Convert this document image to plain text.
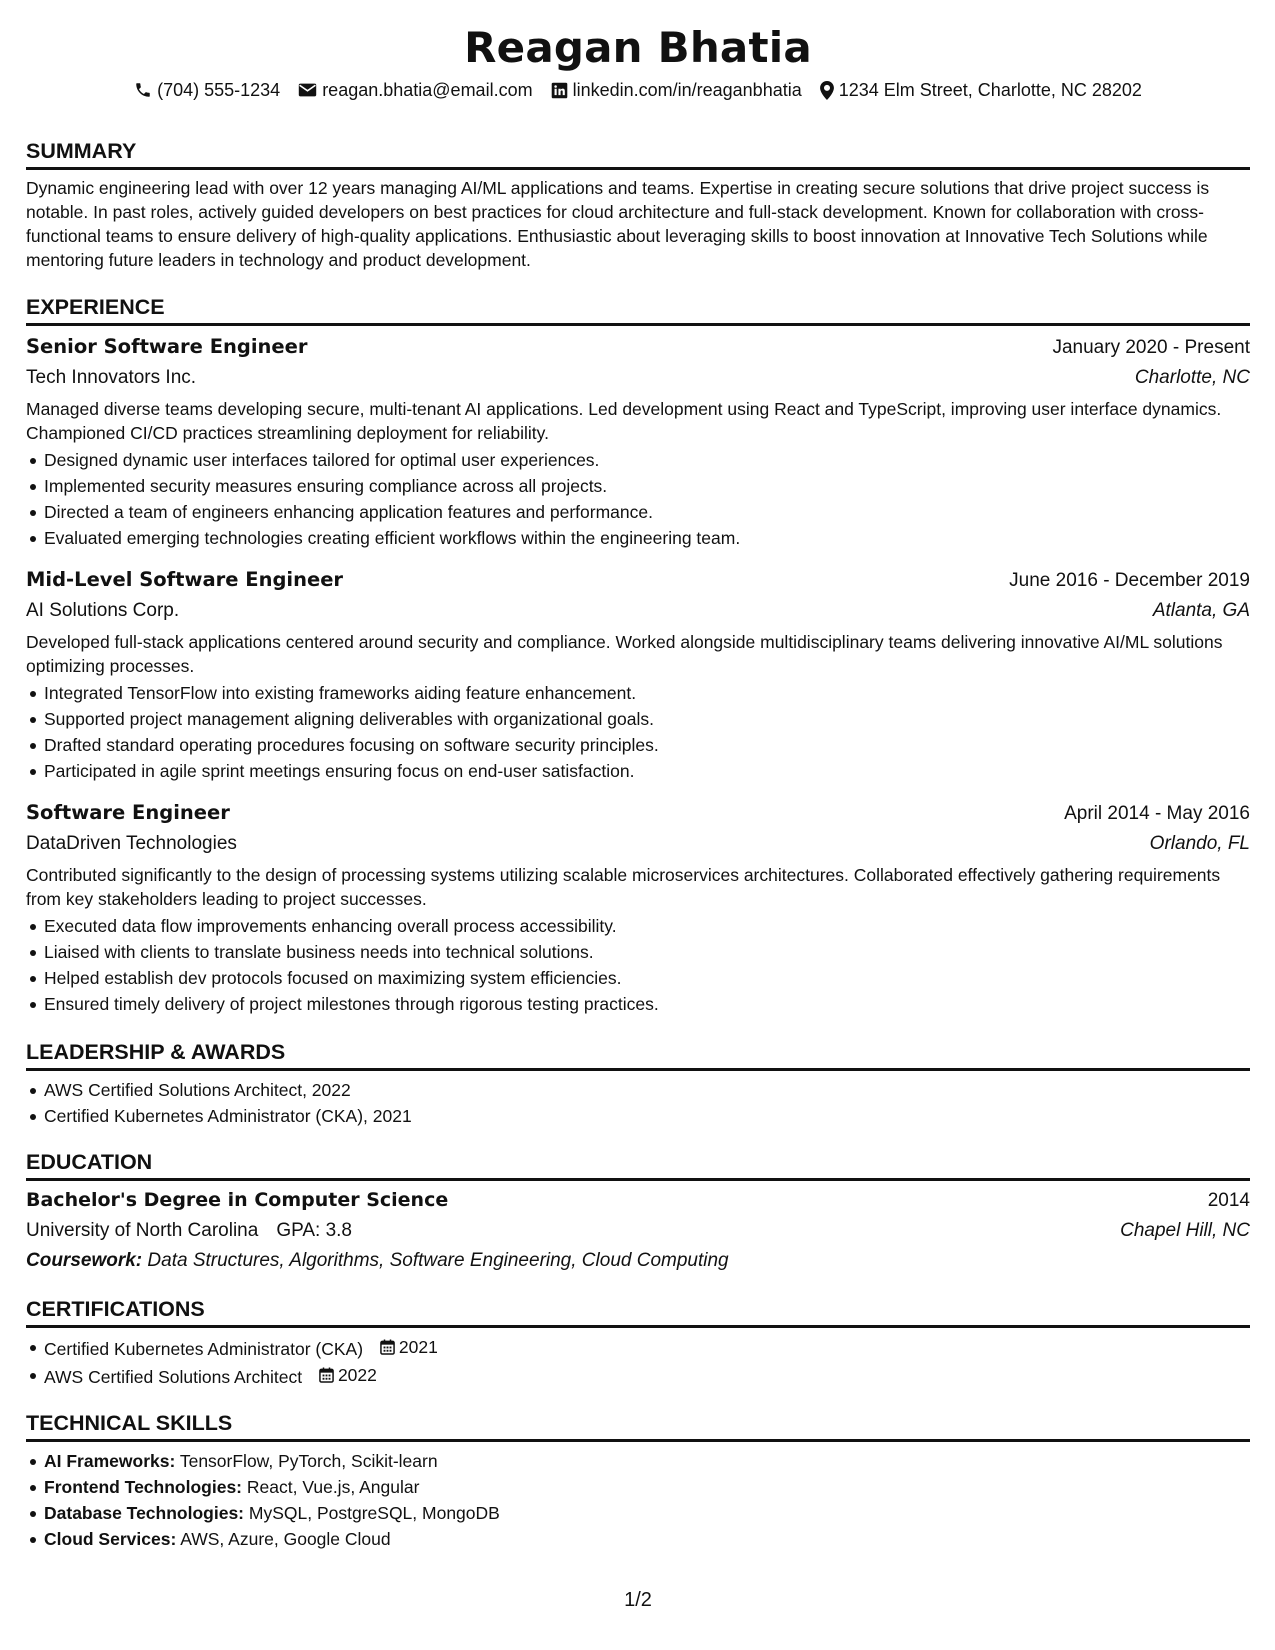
Reagan Bhatia
(704) 555-1234 reagan.bhatia@email.com linkedin.com/in/reaganbhatia 1234 Elm Street, Charlotte, NC 28202
SUMMARY

Dynamic engineering lead with over 12 years managing AI/ML applications and teams. Expertise in creating secure solutions that drive project success is notable. In past roles, actively guided developers on best practices for cloud architecture and full-stack development. Known for collaboration with cross-functional teams to ensure delivery of high-quality applications. Enthusiastic about leveraging skills to boost innovation at Innovative Tech Solutions while mentoring future leaders in technology and product development.

EXPERIENCE
Senior Software Engineer	January 2020 - Present
Tech Innovators Inc.	Charlotte, NC

Managed diverse teams developing secure, multi-tenant AI applications. Led development using React and TypeScript, improving user interface dynamics. Championed CI/CD practices streamlining deployment for reliability.

Designed dynamic user interfaces tailored for optimal user experiences.
Implemented security measures ensuring compliance across all projects.
Directed a team of engineers enhancing application features and performance.
Evaluated emerging technologies creating efficient workflows within the engineering team.
Mid-Level Software Engineer	June 2016 - December 2019
AI Solutions Corp.	Atlanta, GA

Developed full-stack applications centered around security and compliance. Worked alongside multidisciplinary teams delivering innovative AI/ML solutions optimizing processes.

Integrated TensorFlow into existing frameworks aiding feature enhancement.
Supported project management aligning deliverables with organizational goals.
Drafted standard operating procedures focusing on software security principles.
Participated in agile sprint meetings ensuring focus on end-user satisfaction.
Software Engineer	April 2014 - May 2016
DataDriven Technologies	Orlando, FL

Contributed significantly to the design of processing systems utilizing scalable microservices architectures. Collaborated effectively gathering requirements from key stakeholders leading to project successes.

Executed data flow improvements enhancing overall process accessibility.
Liaised with clients to translate business needs into technical solutions.
Helped establish dev protocols focused on maximizing system efficiencies.
Ensured timely delivery of project milestones through rigorous testing practices.
LEADERSHIP & AWARDS
AWS Certified Solutions Architect, 2022
Certified Kubernetes Administrator (CKA), 2021
EDUCATION
Bachelor's Degree in Computer Science	2014
University of North Carolina GPA: 3.8	Chapel Hill, NC
Coursework: Data Structures, Algorithms, Software Engineering, Cloud Computing
CERTIFICATIONS
Certified Kubernetes Administrator (CKA) 2021
AWS Certified Solutions Architect 2022
TECHNICAL SKILLS
AI Frameworks: TensorFlow, PyTorch, Scikit-learn
Frontend Technologies: React, Vue.js, Angular
Database Technologies: MySQL, PostgreSQL, MongoDB
Cloud Services: AWS, Azure, Google Cloud
1/2
